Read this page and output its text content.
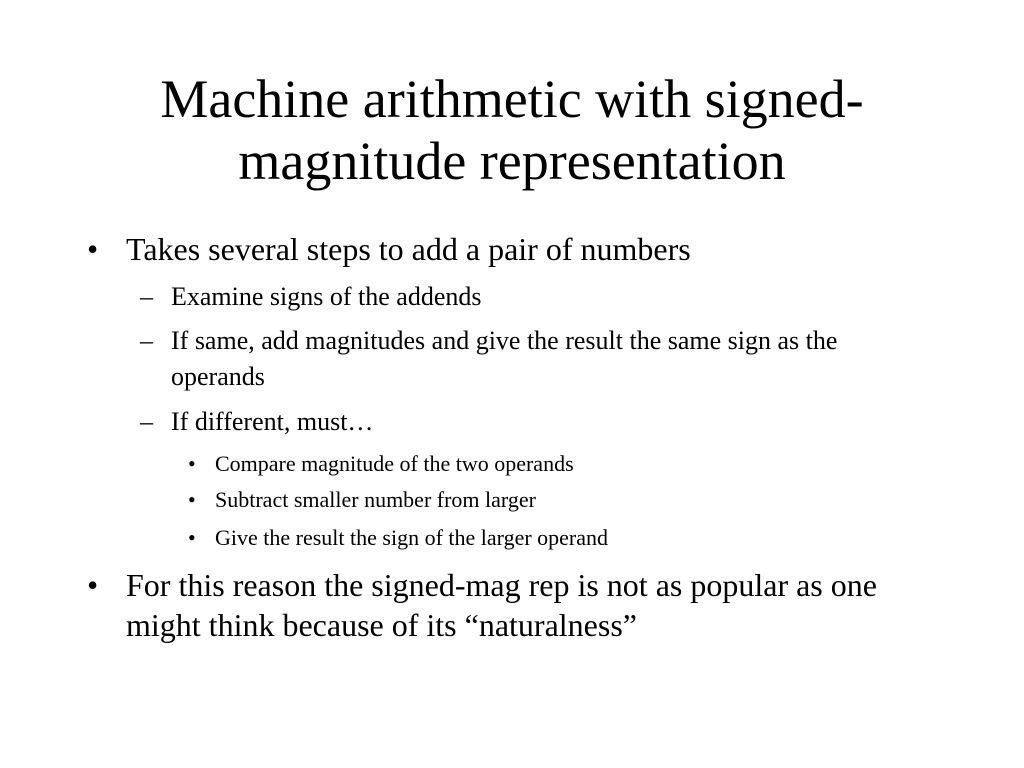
Machine arithmetic with signed-
magnitude representation
• Takes several steps to add a pair of numbers
– Examine signs of the addends
– If same, add magnitudes and give the result the same sign as the operands
– If different, must…
• Compare magnitude of the two operands
• Subtract smaller number from larger
• Give the result the sign of the larger operand
• For this reason the signed-mag rep is not as popular as one might think because of its “naturalness”
